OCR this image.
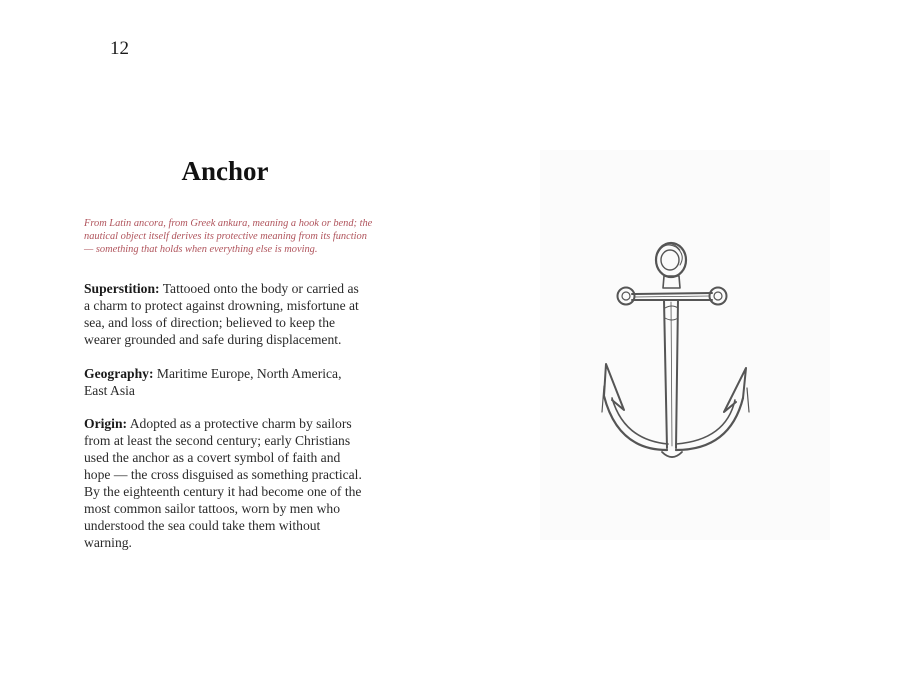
12
Anchor

From Latin ancora, from Greek ankura, meaning a hook or bend; the nautical object itself derives its protective meaning from its function — something that holds when everything else is moving.

Superstition: Tattooed onto the body or carried as a charm to protect against drowning, misfortune at sea, and loss of direction; believed to keep the wearer grounded and safe during displacement.

Geography: Maritime Europe, North America, East Asia

Origin: Adopted as a protective charm by sailors from at least the second century; early Christians used the anchor as a covert symbol of faith and hope — the cross disguised as something practical. By the eighteenth century it had become one of the most common sailor tattoos, worn by men who understood the sea could take them without warning.
